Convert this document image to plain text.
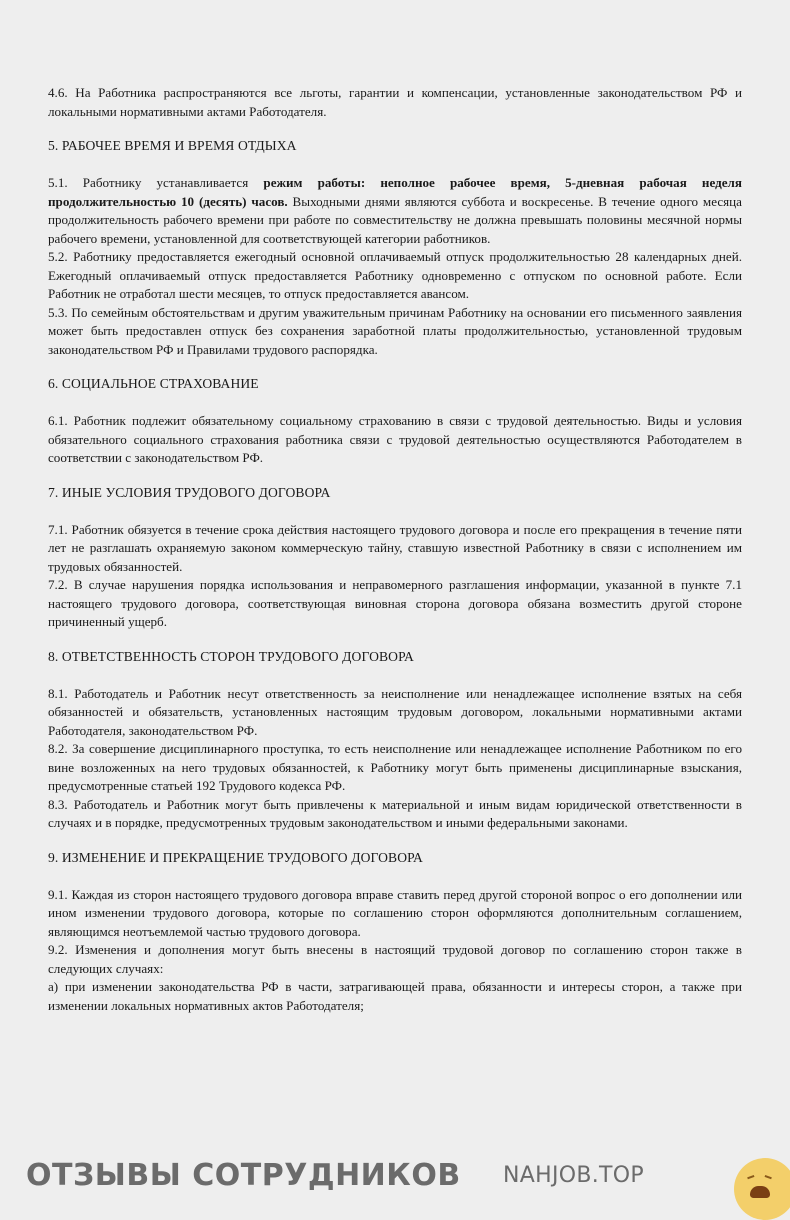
4.6. На Работника распространяются все льготы, гарантии и компенсации, установленные законодательством РФ и локальными нормативными актами Работодателя.

5. РАБОЧЕЕ ВРЕМЯ И ВРЕМЯ ОТДЫХА

5.1. Работнику устанавливается режим работы: неполное рабочее время, 5-дневная рабочая неделя продолжительностью 10 (десять) часов. Выходными днями являются суббота и воскресенье. В течение одного месяца продолжительность рабочего времени при работе по совместительству не должна превышать половины месячной нормы рабочего времени, установленной для соответствующей категории работников.

5.2. Работнику предоставляется ежегодный основной оплачиваемый отпуск продолжительностью 28 календарных дней. Ежегодный оплачиваемый отпуск предоставляется Работнику одновременно с отпуском по основной работе. Если Работник не отработал шести месяцев, то отпуск предоставляется авансом.

5.3. По семейным обстоятельствам и другим уважительным причинам Работнику на основании его письменного заявления может быть предоставлен отпуск без сохранения заработной платы продолжительностью, установленной трудовым законодательством РФ и Правилами трудового распорядка.

6. СОЦИАЛЬНОЕ СТРАХОВАНИЕ

6.1. Работник подлежит обязательному социальному страхованию в связи с трудовой деятельностью. Виды и условия обязательного социального страхования работника связи с трудовой деятельностью осуществляются Работодателем в соответствии с законодательством РФ.

7. ИНЫЕ УСЛОВИЯ ТРУДОВОГО ДОГОВОРА

7.1. Работник обязуется в течение срока действия настоящего трудового договора и после его прекращения в течение пяти лет не разглашать охраняемую законом коммерческую тайну, ставшую известной Работнику в связи с исполнением им трудовых обязанностей.

7.2. В случае нарушения порядка использования и неправомерного разглашения информации, указанной в пункте 7.1 настоящего трудового договора, соответствующая виновная сторона договора обязана возместить другой стороне причиненный ущерб.

8. ОТВЕТСТВЕННОСТЬ СТОРОН ТРУДОВОГО ДОГОВОРА

8.1. Работодатель и Работник несут ответственность за неисполнение или ненадлежащее исполнение взятых на себя обязанностей и обязательств, установленных настоящим трудовым договором, локальными нормативными актами Работодателя, законодательством РФ.

8.2. За совершение дисциплинарного проступка, то есть неисполнение или ненадлежащее исполнение Работником по его вине возложенных на него трудовых обязанностей, к Работнику могут быть применены дисциплинарные взыскания, предусмотренные статьей 192 Трудового кодекса РФ.

8.3. Работодатель и Работник могут быть привлечены к материальной и иным видам юридической ответственности в случаях и в порядке, предусмотренных трудовым законодательством и иными федеральными законами.

9. ИЗМЕНЕНИЕ И ПРЕКРАЩЕНИЕ ТРУДОВОГО ДОГОВОРА

9.1. Каждая из сторон настоящего трудового договора вправе ставить перед другой стороной вопрос о его дополнении или ином изменении трудового договора, которые по соглашению сторон оформляются дополнительным соглашением, являющимся неотъемлемой частью трудового договора.

9.2. Изменения и дополнения могут быть внесены в настоящий трудовой договор по соглашению сторон также в следующих случаях:

а) при изменении законодательства РФ в части, затрагивающей права, обязанности и интересы сторон, а также при изменении локальных нормативных актов Работодателя;

ОТЗЫВЫ СОТРУДНИКОВ NAHJOB.TOP
